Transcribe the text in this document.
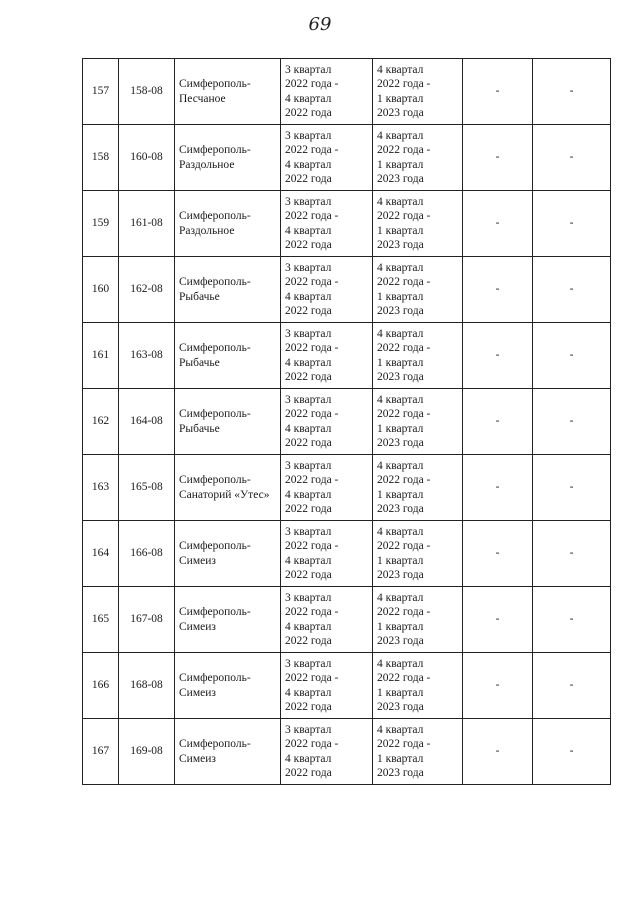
69
157	158-08	Симферополь-
Песчаное	3 квартал
2022 года -
4 квартал
2022 года	4 квартал
2022 года -
1 квартал
2023 года	-	-
158	160-08	Симферополь-
Раздольное	3 квартал
2022 года -
4 квартал
2022 года	4 квартал
2022 года -
1 квартал
2023 года	-	-
159	161-08	Симферополь-
Раздольное	3 квартал
2022 года -
4 квартал
2022 года	4 квартал
2022 года -
1 квартал
2023 года	-	-
160	162-08	Симферополь-
Рыбачье	3 квартал
2022 года -
4 квартал
2022 года	4 квартал
2022 года -
1 квартал
2023 года	-	-
161	163-08	Симферополь-
Рыбачье	3 квартал
2022 года -
4 квартал
2022 года	4 квартал
2022 года -
1 квартал
2023 года	-	-
162	164-08	Симферополь-
Рыбачье	3 квартал
2022 года -
4 квартал
2022 года	4 квартал
2022 года -
1 квартал
2023 года	-	-
163	165-08	Симферополь-
Санаторий «Утес»	3 квартал
2022 года -
4 квартал
2022 года	4 квартал
2022 года -
1 квартал
2023 года	-	-
164	166-08	Симферополь-
Симеиз	3 квартал
2022 года -
4 квартал
2022 года	4 квартал
2022 года -
1 квартал
2023 года	-	-
165	167-08	Симферополь-
Симеиз	3 квартал
2022 года -
4 квартал
2022 года	4 квартал
2022 года -
1 квартал
2023 года	-	-
166	168-08	Симферополь-
Симеиз	3 квартал
2022 года -
4 квартал
2022 года	4 квартал
2022 года -
1 квартал
2023 года	-	-
167	169-08	Симферополь-
Симеиз	3 квартал
2022 года -
4 квартал
2022 года	4 квартал
2022 года -
1 квартал
2023 года	-	-
